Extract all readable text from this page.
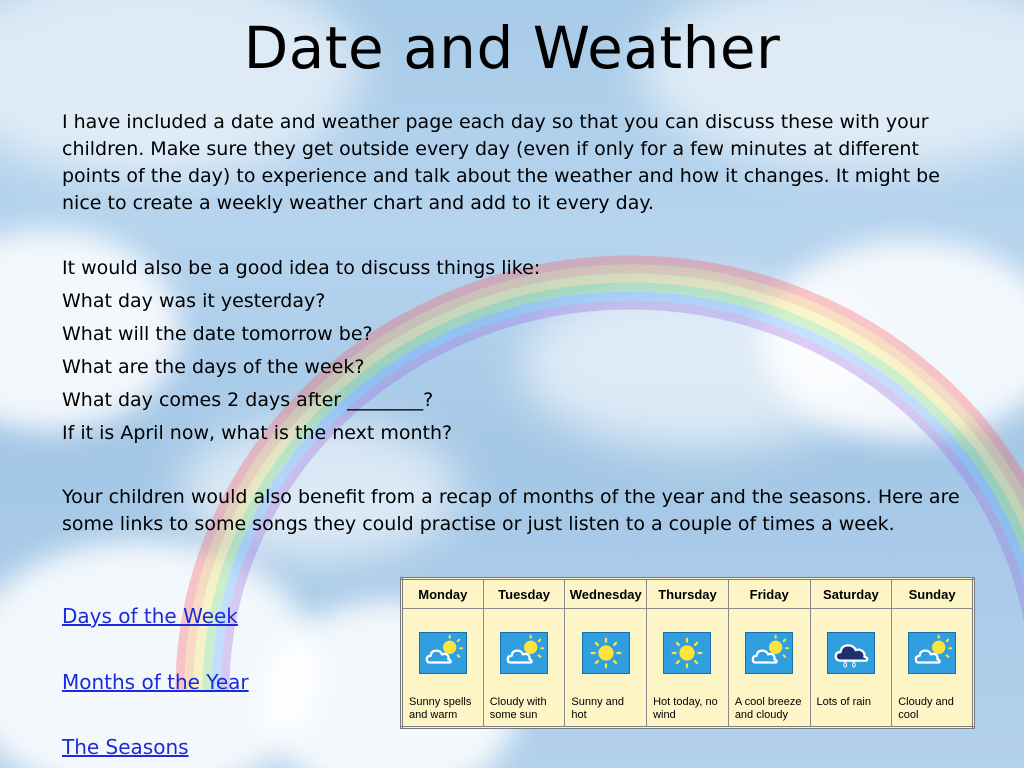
Date and Weather

I have included a date and weather page each day so that you can discuss these with your children. Make sure they get outside every day (even if only for a few minutes at different points of the day) to experience and talk about the weather and how it changes. It might be nice to create a weekly weather chart and add to it every day.

It would also be a good idea to discuss things like:

What day was it yesterday?
What will the date tomorrow be?
What are the days of the week?
What day comes 2 days after ________?
If it is April now, what is the next month?

Your children would also benefit from a recap of months of the year and the seasons. Here are some links to some songs they could practise or just listen to a couple of times a week.

Days of the Week
Months of the Year
The Seasons
Monday	Tuesday	Wednesday	Thursday	Friday	Saturday	Sunday

Sunny spells
and warm	Cloudy with
some sun	Sunny and
hot	Hot today, no
wind	A cool breeze
and cloudy	Lots of rain	Cloudy and
cool
